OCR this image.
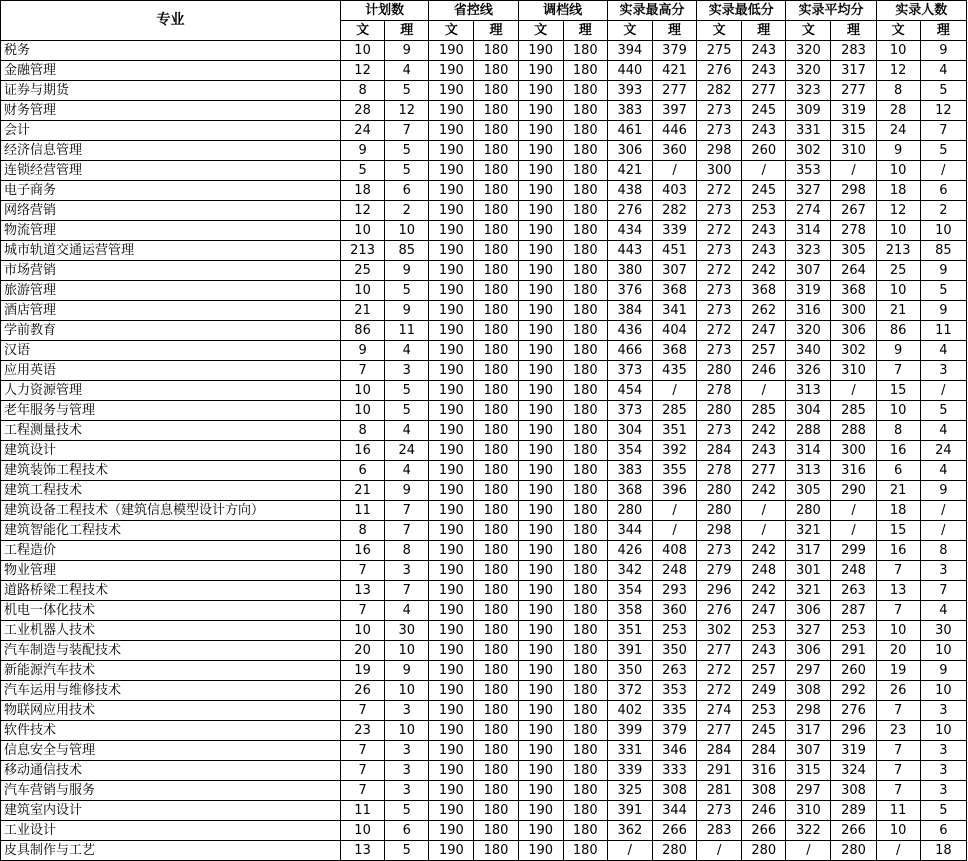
专业	计划数		省控线		调档线		实录最高分		实录最低分		实录平均分		实录人数	
	文	理	文	理	文	理	文	理	文	理	文	理	文	理
税务	10	9	190	180	190	180	394	379	275	243	320	283	10	9
金融管理	12	4	190	180	190	180	440	421	276	243	320	317	12	4
证券与期货	8	5	190	180	190	180	393	277	282	277	323	277	8	5
财务管理	28	12	190	180	190	180	383	397	273	245	309	319	28	12
会计	24	7	190	180	190	180	461	446	273	243	331	315	24	7
经济信息管理	9	5	190	180	190	180	306	360	298	260	302	310	9	5
连锁经营管理	5	5	190	180	190	180	421	/	300	/	353	/	10	/
电子商务	18	6	190	180	190	180	438	403	272	245	327	298	18	6
网络营销	12	2	190	180	190	180	276	282	273	253	274	267	12	2
物流管理	10	10	190	180	190	180	434	339	272	243	314	278	10	10
城市轨道交通运营管理	213	85	190	180	190	180	443	451	273	243	323	305	213	85
市场营销	25	9	190	180	190	180	380	307	272	242	307	264	25	9
旅游管理	10	5	190	180	190	180	376	368	273	368	319	368	10	5
酒店管理	21	9	190	180	190	180	384	341	273	262	316	300	21	9
学前教育	86	11	190	180	190	180	436	404	272	247	320	306	86	11
汉语	9	4	190	180	190	180	466	368	273	257	340	302	9	4
应用英语	7	3	190	180	190	180	373	435	280	246	326	310	7	3
人力资源管理	10	5	190	180	190	180	454	/	278	/	313	/	15	/
老年服务与管理	10	5	190	180	190	180	373	285	280	285	304	285	10	5
工程测量技术	8	4	190	180	190	180	304	351	273	242	288	288	8	4
建筑设计	16	24	190	180	190	180	354	392	284	243	314	300	16	24
建筑装饰工程技术	6	4	190	180	190	180	383	355	278	277	313	316	6	4
建筑工程技术	21	9	190	180	190	180	368	396	280	242	305	290	21	9
建筑设备工程技术（建筑信息模型设计方向）	11	7	190	180	190	180	280	/	280	/	280	/	18	/
建筑智能化工程技术	8	7	190	180	190	180	344	/	298	/	321	/	15	/
工程造价	16	8	190	180	190	180	426	408	273	242	317	299	16	8
物业管理	7	3	190	180	190	180	342	248	279	248	301	248	7	3
道路桥梁工程技术	13	7	190	180	190	180	354	293	296	242	321	263	13	7
机电一体化技术	7	4	190	180	190	180	358	360	276	247	306	287	7	4
工业机器人技术	10	30	190	180	190	180	351	253	302	253	327	253	10	30
汽车制造与装配技术	20	10	190	180	190	180	391	350	277	243	306	291	20	10
新能源汽车技术	19	9	190	180	190	180	350	263	272	257	297	260	19	9
汽车运用与维修技术	26	10	190	180	190	180	372	353	272	249	308	292	26	10
物联网应用技术	7	3	190	180	190	180	402	335	274	253	298	276	7	3
软件技术	23	10	190	180	190	180	399	379	277	245	317	296	23	10
信息安全与管理	7	3	190	180	190	180	331	346	284	284	307	319	7	3
移动通信技术	7	3	190	180	190	180	339	333	291	316	315	324	7	3
汽车营销与服务	7	3	190	180	190	180	325	308	281	308	297	308	7	3
建筑室内设计	11	5	190	180	190	180	391	344	273	246	310	289	11	5
工业设计	10	6	190	180	190	180	362	266	283	266	322	266	10	6
皮具制作与工艺	13	5	190	180	190	180	/	280	/	280	/	280	/	18
